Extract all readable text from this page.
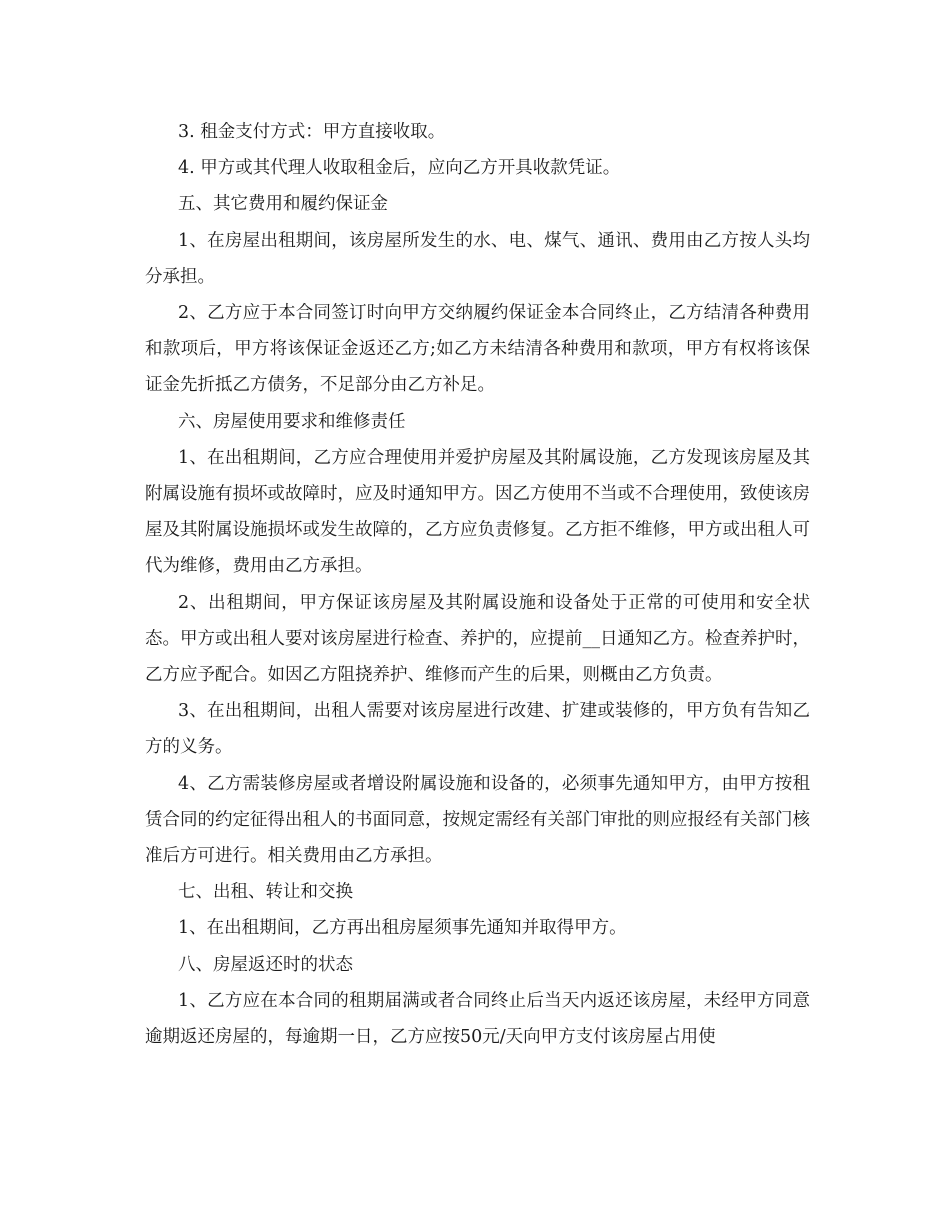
3. 租金支付方式：甲方直接收取。

4. 甲方或其代理人收取租金后，应向乙方开具收款凭证。

五、其它费用和履约保证金

1、在房屋出租期间，该房屋所发生的水、电、煤气、通讯、费用由乙方按人头均分承担。

2、乙方应于本合同签订时向甲方交纳履约保证金本合同终止，乙方结清各种费用和款项后，甲方将该保证金返还乙方;如乙方未结清各种费用和款项，甲方有权将该保证金先折抵乙方债务，不足部分由乙方补足。

六、房屋使用要求和维修责任

1、在出租期间，乙方应合理使用并爱护房屋及其附属设施，乙方发现该房屋及其附属设施有损坏或故障时，应及时通知甲方。因乙方使用不当或不合理使用，致使该房屋及其附属设施损坏或发生故障的，乙方应负责修复。乙方拒不维修，甲方或出租人可代为维修，费用由乙方承担。

2、出租期间，甲方保证该房屋及其附属设施和设备处于正常的可使用和安全状态。甲方或出租人要对该房屋进行检查、养护的，应提前__日通知乙方。检查养护时，乙方应予配合。如因乙方阻挠养护、维修而产生的后果，则概由乙方负责。

3、在出租期间，出租人需要对该房屋进行改建、扩建或装修的，甲方负有告知乙方的义务。

4、乙方需装修房屋或者增设附属设施和设备的，必须事先通知甲方，由甲方按租赁合同的约定征得出租人的书面同意，按规定需经有关部门审批的则应报经有关部门核准后方可进行。相关费用由乙方承担。

七、出租、转让和交换

1、在出租期间，乙方再出租房屋须事先通知并取得甲方。

八、房屋返还时的状态

1、乙方应在本合同的租期届满或者合同终止后当天内返还该房屋，未经甲方同意逾期返还房屋的，每逾期一日，乙方应按50元/天向甲方支付该房屋占用使
